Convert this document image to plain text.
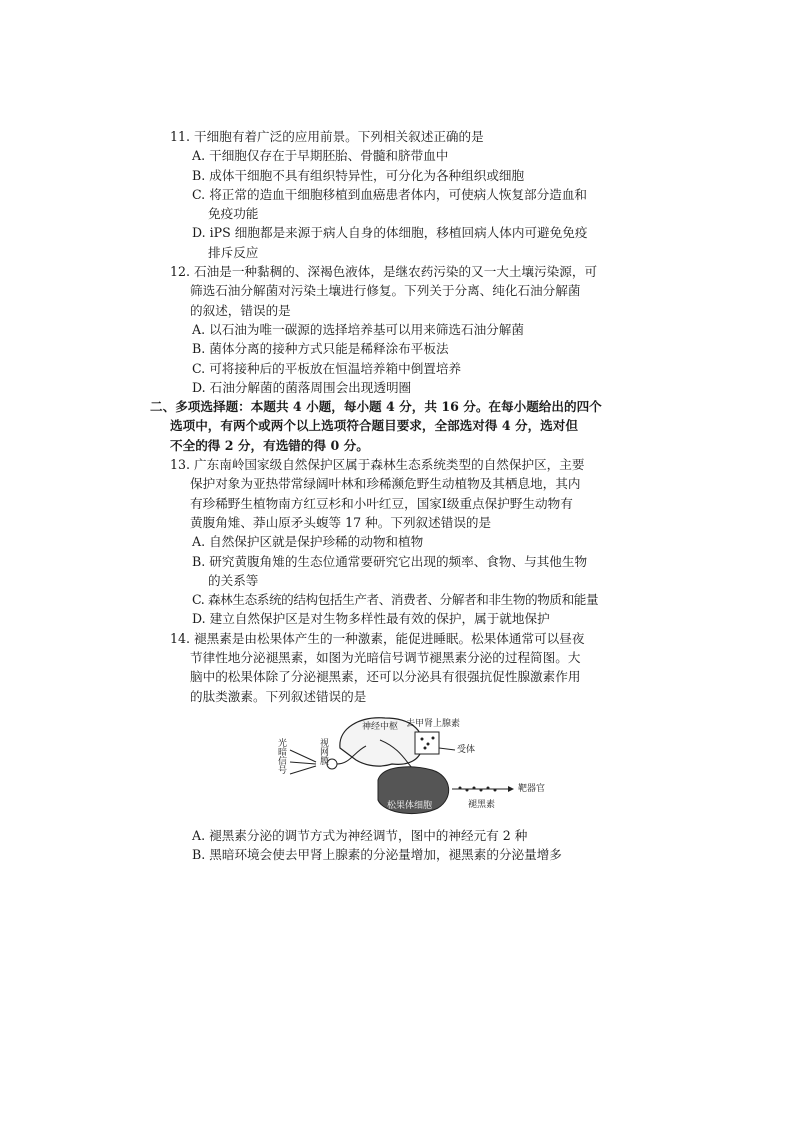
11. 干细胞有着广泛的应用前景。下列相关叙述正确的是
A. 干细胞仅存在于早期胚胎、骨髓和脐带血中
B. 成体干细胞不具有组织特异性，可分化为各种组织或细胞
C. 将正常的造血干细胞移植到血癌患者体内，可使病人恢复部分造血和
免疫功能
D. iPS 细胞都是来源于病人自身的体细胞，移植回病人体内可避免免疫
排斥反应
12. 石油是一种黏稠的、深褐色液体，是继农药污染的又一大土壤污染源，可
筛选石油分解菌对污染土壤进行修复。下列关于分离、纯化石油分解菌
的叙述，错误的是
A. 以石油为唯一碳源的选择培养基可以用来筛选石油分解菌
B. 菌体分离的接种方式只能是稀释涂布平板法
C. 可将接种后的平板放在恒温培养箱中倒置培养
D. 石油分解菌的菌落周围会出现透明圈
二、多项选择题：本题共 4 小题，每小题 4 分，共 16 分。在每小题给出的四个
选项中，有两个或两个以上选项符合题目要求，全部选对得 4 分，选对但
不全的得 2 分，有选错的得 0 分。
13. 广东南岭国家级自然保护区属于森林生态系统类型的自然保护区，主要
保护对象为亚热带常绿阔叶林和珍稀濒危野生动植物及其栖息地，其内
有珍稀野生植物南方红豆杉和小叶红豆，国家Ⅰ级重点保护野生动物有
黄腹角雉、莽山原矛头蝮等 17 种。下列叙述错误的是
A. 自然保护区就是保护珍稀的动物和植物
B. 研究黄腹角雉的生态位通常要研究它出现的频率、食物、与其他生物
的关系等
C. 森林生态系统的结构包括生产者、消费者、分解者和非生物的物质和能量
D. 建立自然保护区是对生物多样性最有效的保护，属于就地保护
14. 褪黑素是由松果体产生的一种激素，能促进睡眠。松果体通常可以昼夜
节律性地分泌褪黑素，如图为光暗信号调节褪黑素分泌的过程简图。大
脑中的松果体除了分泌褪黑素，还可以分泌具有很强抗促性腺激素作用
的肽类激素。下列叙述错误的是
光暗信号	视网膜
神经中枢 去甲肾上腺素
受体
松果体细胞	褪黑素
靶器官
A. 褪黑素分泌的调节方式为神经调节，图中的神经元有 2 种
B. 黑暗环境会使去甲肾上腺素的分泌量增加，褪黑素的分泌量增多
